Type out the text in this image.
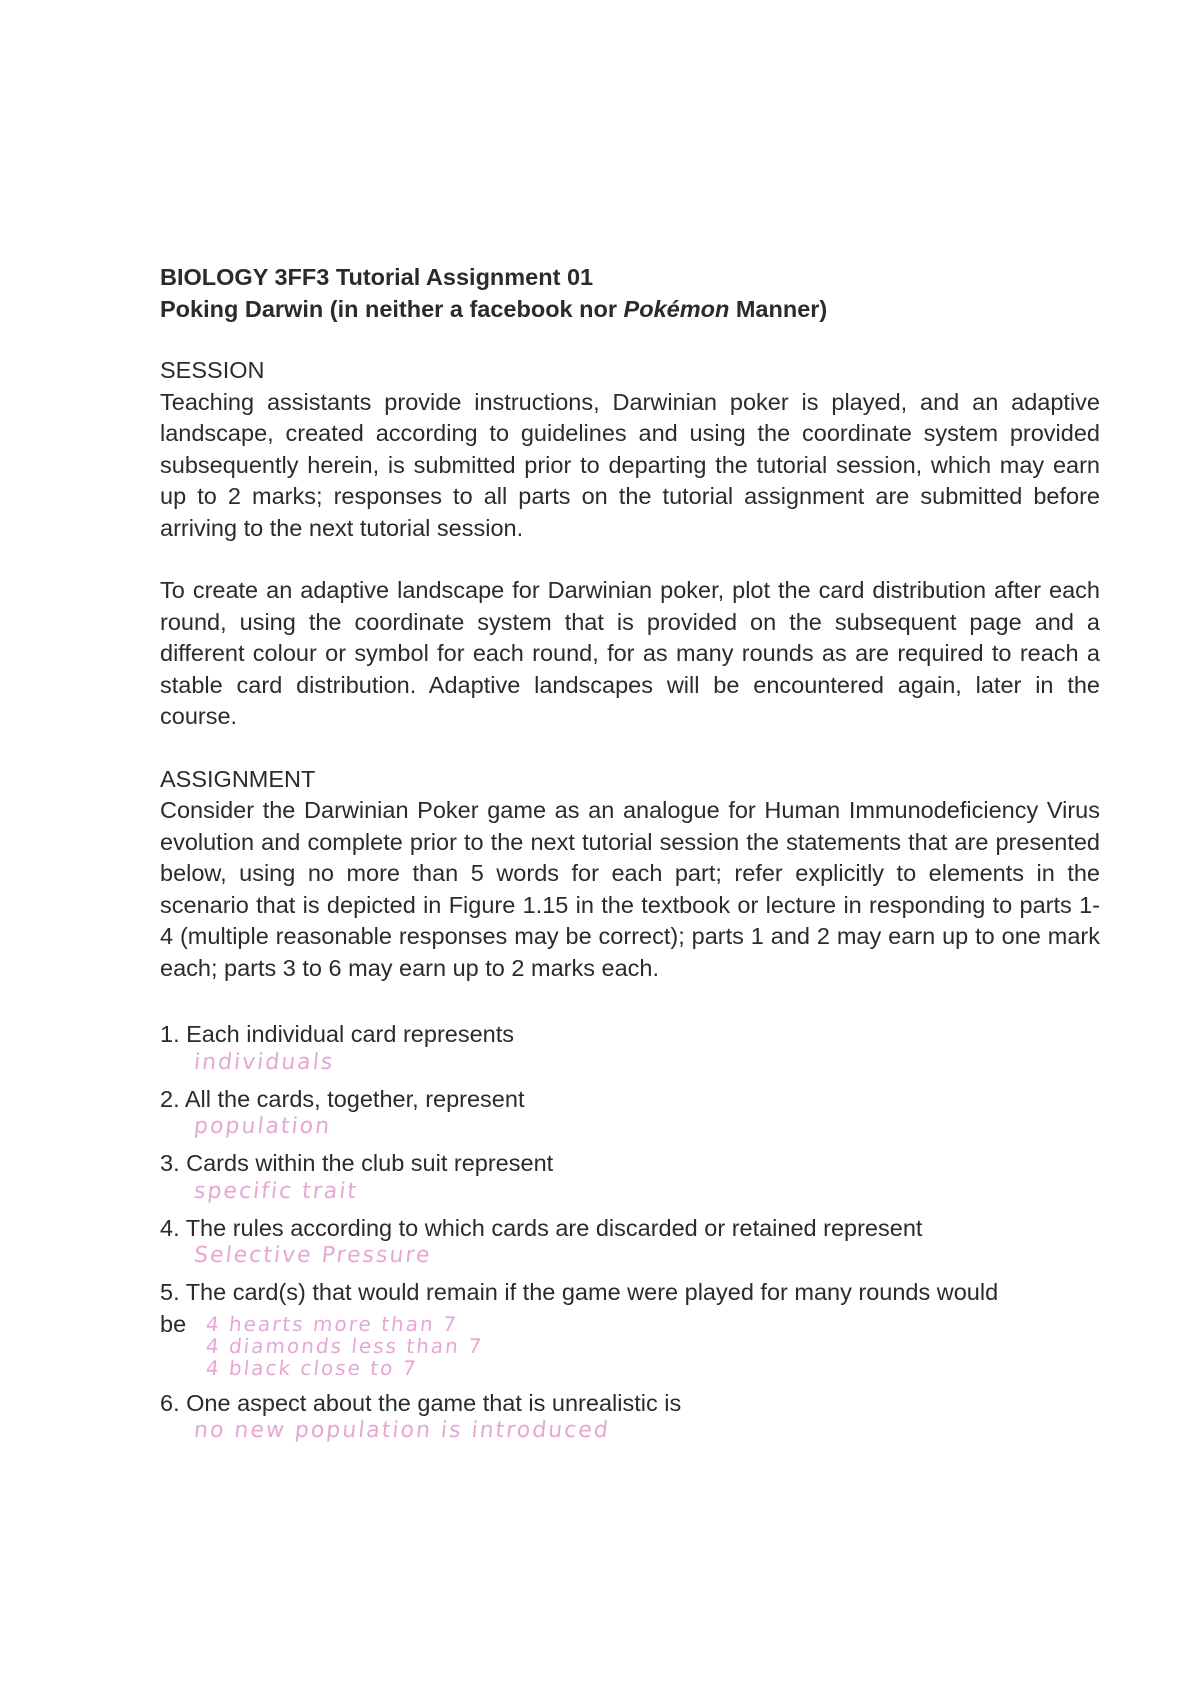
BIOLOGY 3FF3 Tutorial Assignment 01
Poking Darwin (in neither a facebook nor Pokémon Manner)

SESSION

Teaching assistants provide instructions, Darwinian poker is played, and an adaptive landscape, created according to guidelines and using the coordinate system provided subsequently herein, is submitted prior to departing the tutorial session, which may earn up to 2 marks; responses to all parts on the tutorial assignment are submitted before arriving to the next tutorial session.

To create an adaptive landscape for Darwinian poker, plot the card distribution after each round, using the coordinate system that is provided on the subsequent page and a different colour or symbol for each round, for as many rounds as are required to reach a stable card distribution. Adaptive landscapes will be encountered again, later in the course.

ASSIGNMENT

Consider the Darwinian Poker game as an analogue for Human Immunodeficiency Virus evolution and complete prior to the next tutorial session the statements that are presented below, using no more than 5 words for each part; refer explicitly to elements in the scenario that is depicted in Figure 1.15 in the textbook or lecture in responding to parts 1-4 (multiple reasonable responses may be correct); parts 1 and 2 may earn up to one mark each; parts 3 to 6 may earn up to 2 marks each.

1. Each individual card represents
individuals
2. All the cards, together, represent
population
3. Cards within the club suit represent
specific trait
4. The rules according to which cards are discarded or retained represent
Selective Pressure
5. The card(s) that would remain if the game were played for many rounds would
be 4 hearts more than 7
4 diamonds less than 7
4 black close to 7
6. One aspect about the game that is unrealistic is
no new population is introduced
